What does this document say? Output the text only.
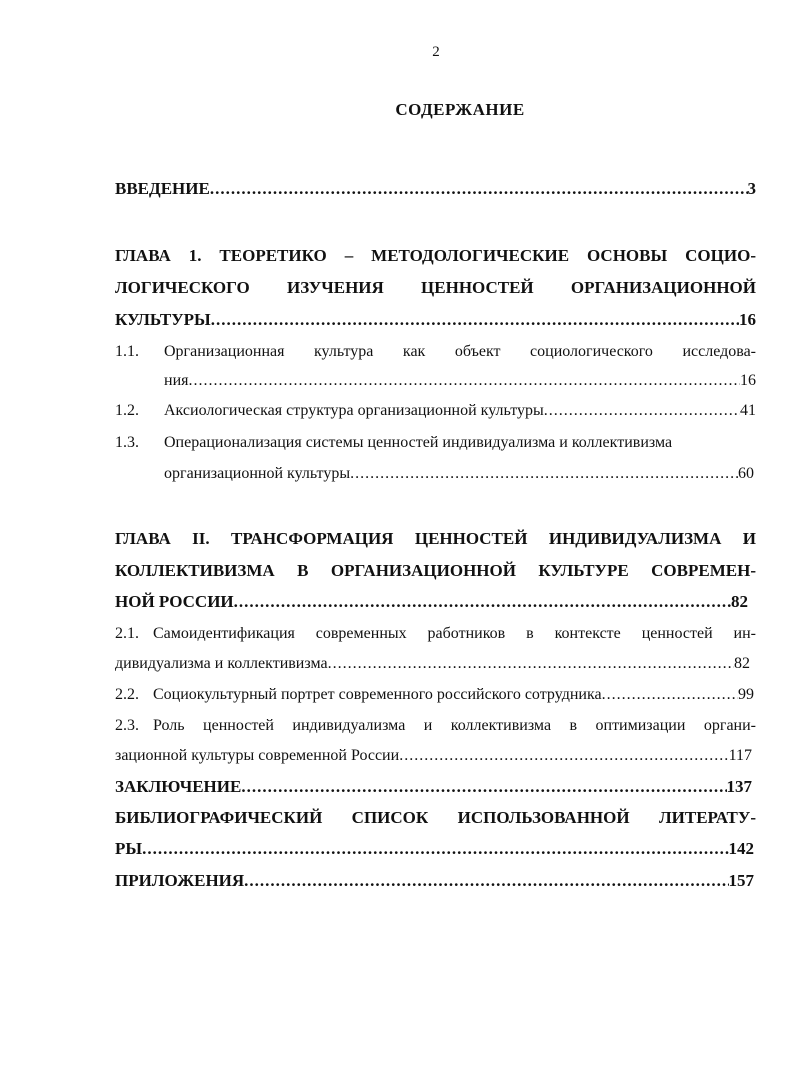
2
СОДЕРЖАНИЕ
ВВЕДЕНИЕ .....	3
ГЛАВА 1. ТЕОРЕТИКО – МЕТОДОЛОГИЧЕСКИЕ ОСНОВЫ СОЦИО-
ЛОГИЧЕСКОГО ИЗУЧЕНИЯ ЦЕННОСТЕЙ ОРГАНИЗАЦИОННОЙ
КУЛЬТУРЫ .....	16
1.1. Организационная культура как объект социологического исследова-
ния .....	16
1.2. Аксиологическая структура организационной культуры .....	41
1.3. Операционализация системы ценностей индивидуализма и коллективизма
организационной культуры .....	60
ГЛАВА II. ТРАНСФОРМАЦИЯ ЦЕННОСТЕЙ ИНДИВИДУАЛИЗМА И
КОЛЛЕКТИВИЗМА В ОРГАНИЗАЦИОННОЙ КУЛЬТУРЕ СОВРЕМЕН-
НОЙ РОССИИ .....	82
2.1. Самоидентификация современных работников в контексте ценностей ин-
дивидуализма и коллективизма .....	82
2.2. Социокультурный портрет современного российского сотрудника .....	99
2.3. Роль ценностей индивидуализма и коллективизма в оптимизации органи-
зационной культуры современной России .....	117
ЗАКЛЮЧЕНИЕ .....	137
БИБЛИОГРАФИЧЕСКИЙ СПИСОК ИСПОЛЬЗОВАННОЙ ЛИТЕРАТУ-
РЫ .....	142
ПРИЛОЖЕНИЯ .....	157
